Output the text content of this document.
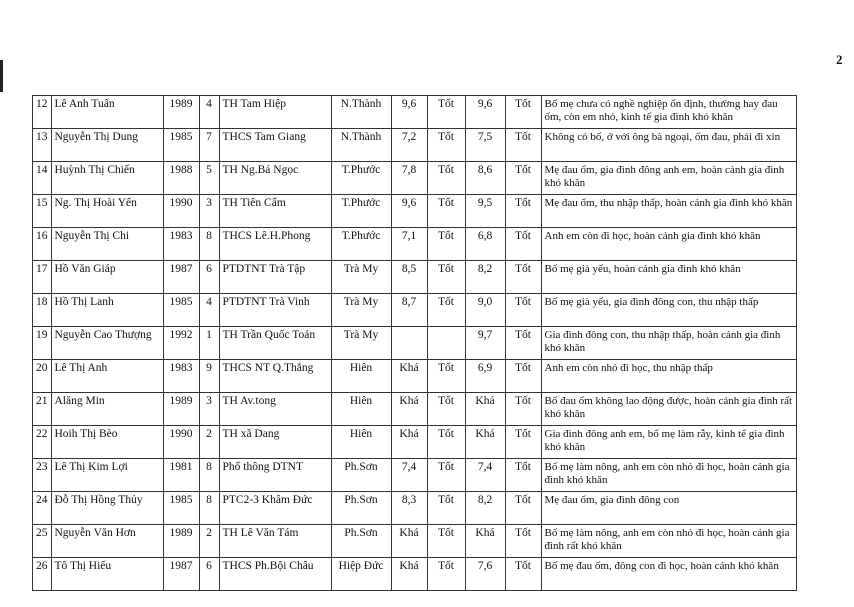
2
12	Lê Anh Tuấn	1989	4	TH Tam Hiệp	N.Thành	9,6	Tốt	9,6	Tốt	Bố mẹ chưa có nghề nghiệp ổn định, thường hay đau ốm, còn em nhỏ, kinh tế gia đình khó khăn
13	Nguyễn Thị Dung	1985	7	THCS Tam Giang	N.Thành	7,2	Tốt	7,5	Tốt	Không có bố, ở với ông bà ngoại, ốm đau, phải đi xin
14	Huỳnh Thị Chiến	1988	5	TH Ng.Bá Ngọc	T.Phước	7,8	Tốt	8,6	Tốt	Mẹ đau ốm, gia đình đông anh em, hoàn cảnh gia đình khó khăn
15	Ng. Thị Hoài Yến	1990	3	TH Tiên Cẩm	T.Phước	9,6	Tốt	9,5	Tốt	Mẹ đau ốm, thu nhập thấp, hoàn cảnh gia đình khó khăn
16	Nguyễn Thị Chi	1983	8	THCS Lê.H.Phong	T.Phước	7,1	Tốt	6,8	Tốt	Anh em còn đi học, hoàn cảnh gia đình khó khăn
17	Hồ Văn Giáp	1987	6	PTDTNT Trà Tập	Trà My	8,5	Tốt	8,2	Tốt	Bố mẹ già yếu, hoàn cảnh gia đình khó khăn
18	Hồ Thị Lanh	1985	4	PTDTNT Trà Vinh	Trà My	8,7	Tốt	9,0	Tốt	Bố mẹ già yếu, gia đình đông con, thu nhập thấp
19	Nguyễn Cao Thượng	1992	1	TH Trần Quốc Toản	Trà My			9,7	Tốt	Gia đình đông con, thu nhập thấp, hoàn cảnh gia đình khó khăn
20	Lê Thị Anh	1983	9	THCS NT Q.Thắng	Hiên	Khá	Tốt	6,9	Tốt	Anh em còn nhỏ đi học, thu nhập thấp
21	Alăng Min	1989	3	TH Av.tong	Hiên	Khá	Tốt	Khá	Tốt	Bố đau ốm không lao động được, hoàn cảnh gia đình rất khó khăn
22	Hoih Thị Bèo	1990	2	TH xã Dang	Hiên	Khá	Tốt	Khá	Tốt	Gia đình đông anh em, bố mẹ làm rẫy, kinh tế gia đình khó khăn
23	Lê Thị Kim Lợi	1981	8	Phổ thông DTNT	Ph.Sơn	7,4	Tốt	7,4	Tốt	Bố mẹ làm nông, anh em còn nhỏ đi học, hoàn cảnh gia đình khó khăn
24	Đỗ Thị Hồng Thủy	1985	8	PTC2-3 Khâm Đức	Ph.Sơn	8,3	Tốt	8,2	Tốt	Mẹ đau ốm, gia đình đông con
25	Nguyễn Văn Hơn	1989	2	TH Lê Văn Tám	Ph.Sơn	Khá	Tốt	Khá	Tốt	Bố mẹ làm nông, anh em còn nhỏ đi học, hoàn cảnh gia đình rất khó khăn
26	Tô Thị Hiếu	1987	6	THCS Ph.Bội Châu	Hiệp Đức	Khá	Tốt	7,6	Tốt	Bố mẹ đau ốm, đông con đi học, hoàn cảnh khó khăn
